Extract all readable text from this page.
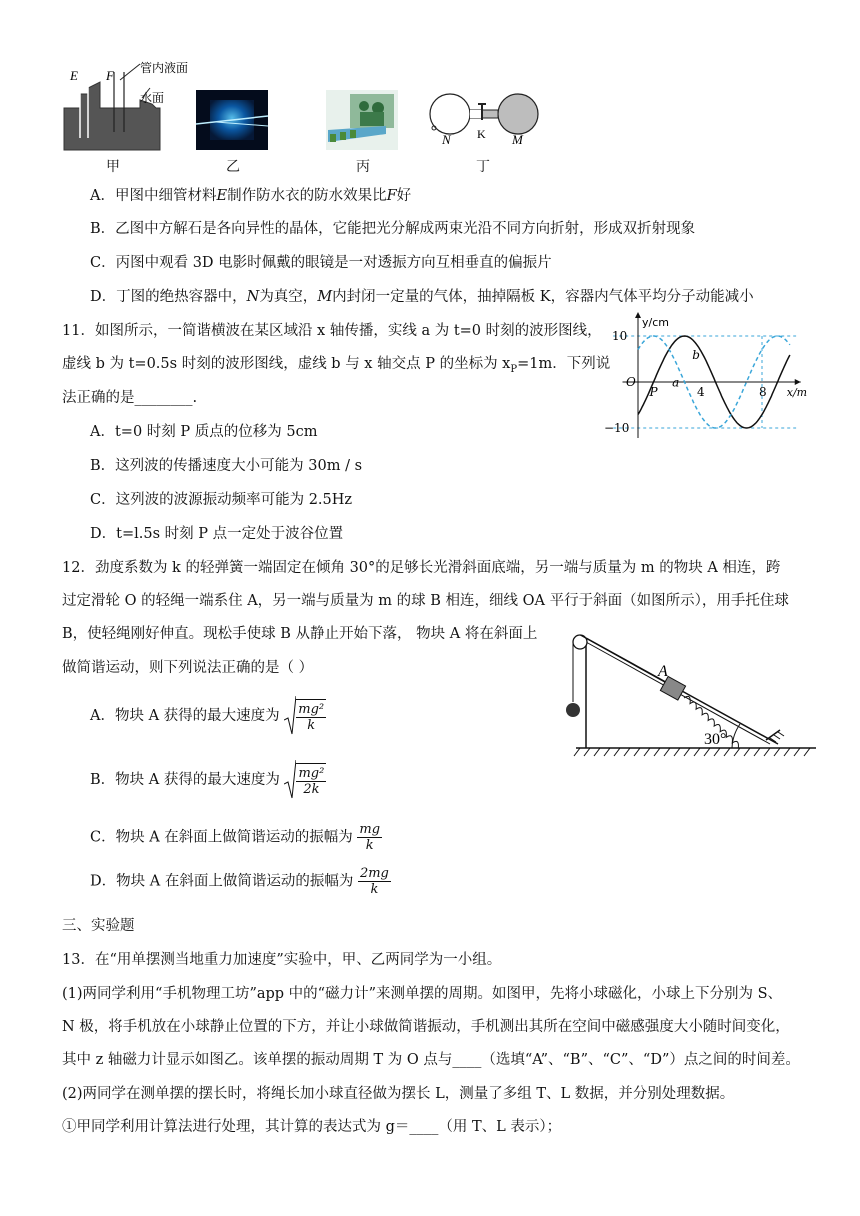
E F 管内液面
水面
甲	乙	丙
N K M
丁
A．甲图中细管材料E制作防水衣的防水效果比F好
B．乙图中方解石是各向异性的晶体，它能把光分解成两束光沿不同方向折射，形成双折射现象
C．丙图中观看 3D 电影时佩戴的眼镜是一对透振方向互相垂直的偏振片
D．丁图的绝热容器中，N为真空，M内封闭一定量的气体，抽掉隔板 K，容器内气体平均分子动能减小
11．如图所示，一简谐横波在某区域沿 x 轴传播，实线 a 为 t=0 时刻的波形图线，
虚线 b 为 t=0.5s 时刻的波形图线，虚线 b 与 x 轴交点 P 的坐标为 $x_P=1m$．下列说
法正确的是________.
A．t=0 时刻 P 质点的位移为 5cm
B．这列波的传播速度大小可能为 30m / s
C．这列波的波源振动频率可能为 2.5Hz
D．t=l.5s 时刻 P 点一定处于波谷位置
y/cm
x/m
O
P	4	8
10
−10
a
b
12．劲度系数为 k 的轻弹簧一端固定在倾角 30°的足够长光滑斜面底端，另一端与质量为 m 的物块 A 相连，跨
过定滑轮 O 的轻绳一端系住 A，另一端与质量为 m 的球 B 相连，细线 OA 平行于斜面（如图所示），用手托住球
B，使轻绳刚好伸直。现松手使球 B 从静止开始下落， 物块 A 将在斜面上
做简谐运动，则下列说法正确的是（ ）
A．物块 A 获得的最大速度为 $\frac{\text{mg²}}{k}$
B．物块 A 获得的最大速度为 $\frac{\text{mg²}}{2k}$
C．物块 A 在斜面上做简谐运动的振幅为 $\frac{mg}{k}$
D．物块 A 在斜面上做简谐运动的振幅为 $\frac{2mg}{k}$
A
30°
三、实验题
13．在“用单摆测当地重力加速度”实验中，甲、乙两同学为一小组。
(1)两同学利用“手机物理工坊”app 中的“磁力计”来测单摆的周期。如图甲，先将小球磁化，小球上下分别为 S、
N 极，将手机放在小球静止位置的下方，并让小球做简谐振动，手机测出其所在空间中磁感强度大小随时间变化，
其中 z 轴磁力计显示如图乙。该单摆的振动周期 T 为 O 点与____（选填“A”、“B”、“C”、“D”）点之间的时间差。
(2)两同学在测单摆的摆长时，将绳长加小球直径做为摆长 L，测量了多组 T、L 数据，并分别处理数据。
①甲同学利用计算法进行处理，其计算的表达式为 g＝____（用 T、L 表示）；
